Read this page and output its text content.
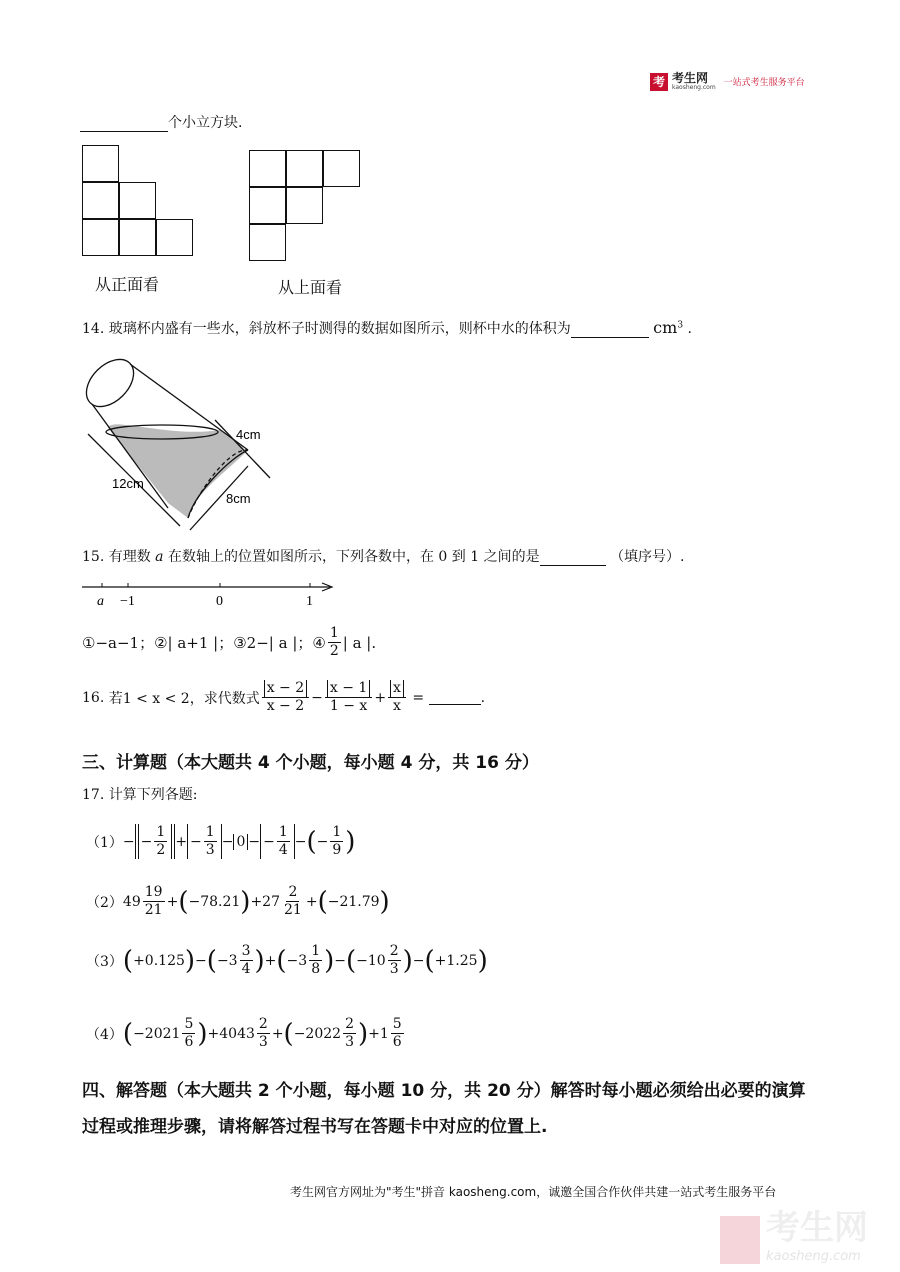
考 考生网
kaosheng.com 一站式考生服务平台
个小立方块.
从正面看	从上面看
14. 玻璃杯内盛有一些水，斜放杯子时测得的数据如图所示，则杯中水的体积为	$cm^3$ .
4cm
12cm
8cm
15. 有理数 a 在数轴上的位置如图所示，下列各数中，在 0 到 1 之间的是	（填序号）.
a −1	0	1
①−a−1； ②| a+1 |； ③2−| a |； ④ $\frac{1}{2}$ | a |.
16.
若1 < x < 2，求代数式 $\frac{x - 2}{x - 2} - \frac{x - 1}{1 - x} + \frac{x}{x}$
=
	.
三、计算题（本大题共 4 个小题，每小题 4 分，共 16 分）
17. 计算下列各题:
（1） − − $\frac{1}{2}$ + − $\frac{1}{3} - 0$ − − $\frac{1}{4}$ − ( − $\frac{1}{9}$ )
（2） $49 \frac{19}{21}$ + ( −78.21 ) + $27 \frac{2}{21}$ + ( −21.79 )
（3） ( +0.125 ) − ( $-3 \frac{3}{4}$ ) + ( $-3 \frac{1}{8}$ ) − ( $-10 \frac{2}{3}$ ) − ( +1.25 )
（4） ( $-2021 \frac{5}{6}$ ) + $4043 \frac{2}{3}$ + ( $-2022 \frac{2}{3}$ ) + $1 \frac{5}{6}$
四、解答题（本大题共 2 个小题，每小题 10 分，共 20 分）解答时每小题必须给出必要的演算
过程或推理步骤，请将解答过程书写在答题卡中对应的位置上.
考生网官方网址为"考生"拼音 kaosheng.com，诚邀全国合作伙伴共建一站式考生服务平台
考生网
kaosheng.com
